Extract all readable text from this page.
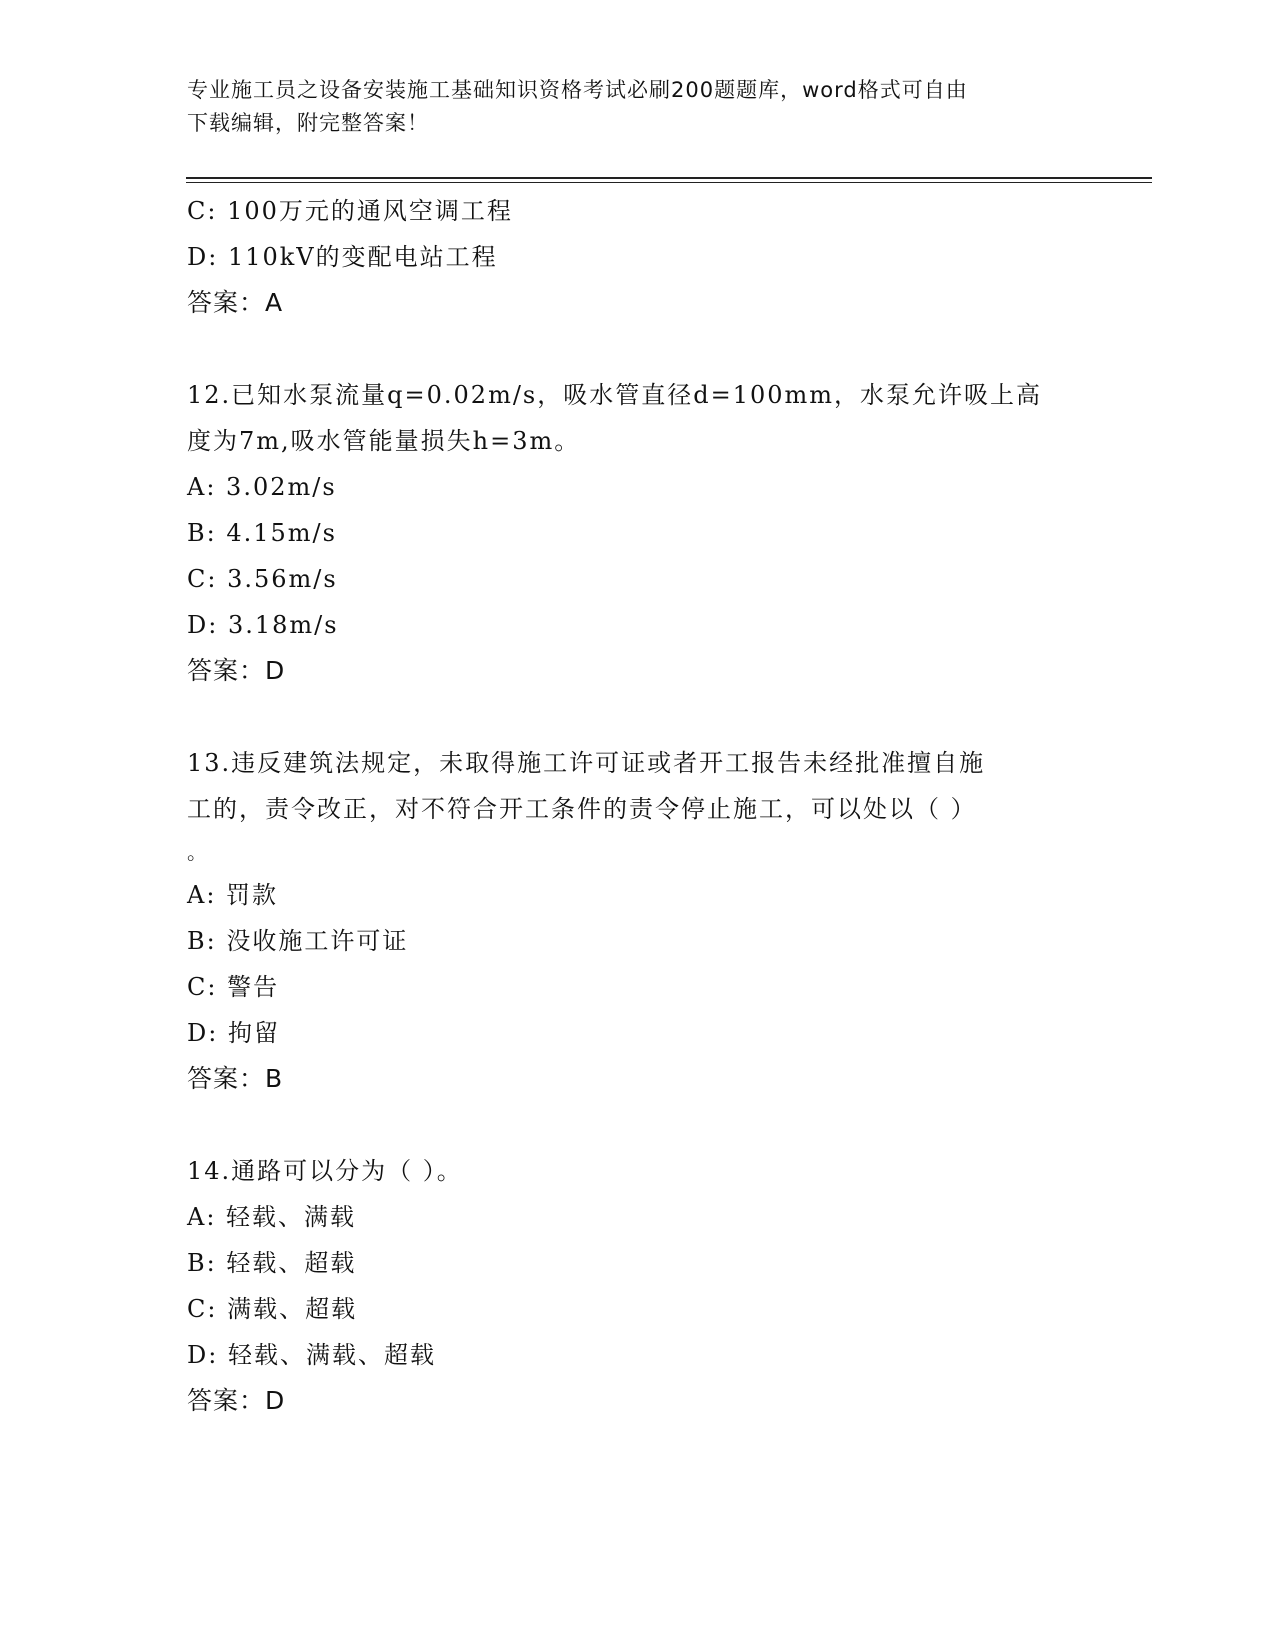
专业施工员之设备安装施工基础知识资格考试必刷200题题库，word格式可自由
下载编辑，附完整答案！
C: 100万元的通风空调工程
D: 110kV的变配电站工程
答案：A
12.已知水泵流量q=0.02m/s，吸水管直径d=100mm，水泵允许吸上高
度为7m,吸水管能量损失h=3m。
A: 3.02m/s
B: 4.15m/s
C: 3.56m/s
D: 3.18m/s
答案：D
13.违反建筑法规定，未取得施工许可证或者开工报告未经批准擅自施
工的，责令改正，对不符合开工条件的责令停止施工，可以处以（ ）
。
A: 罚款
B: 没收施工许可证
C: 警告
D: 拘留
答案：B
14.通路可以分为（ ）。
A: 轻载、满载
B: 轻载、超载
C: 满载、超载
D: 轻载、满载、超载
答案：D
